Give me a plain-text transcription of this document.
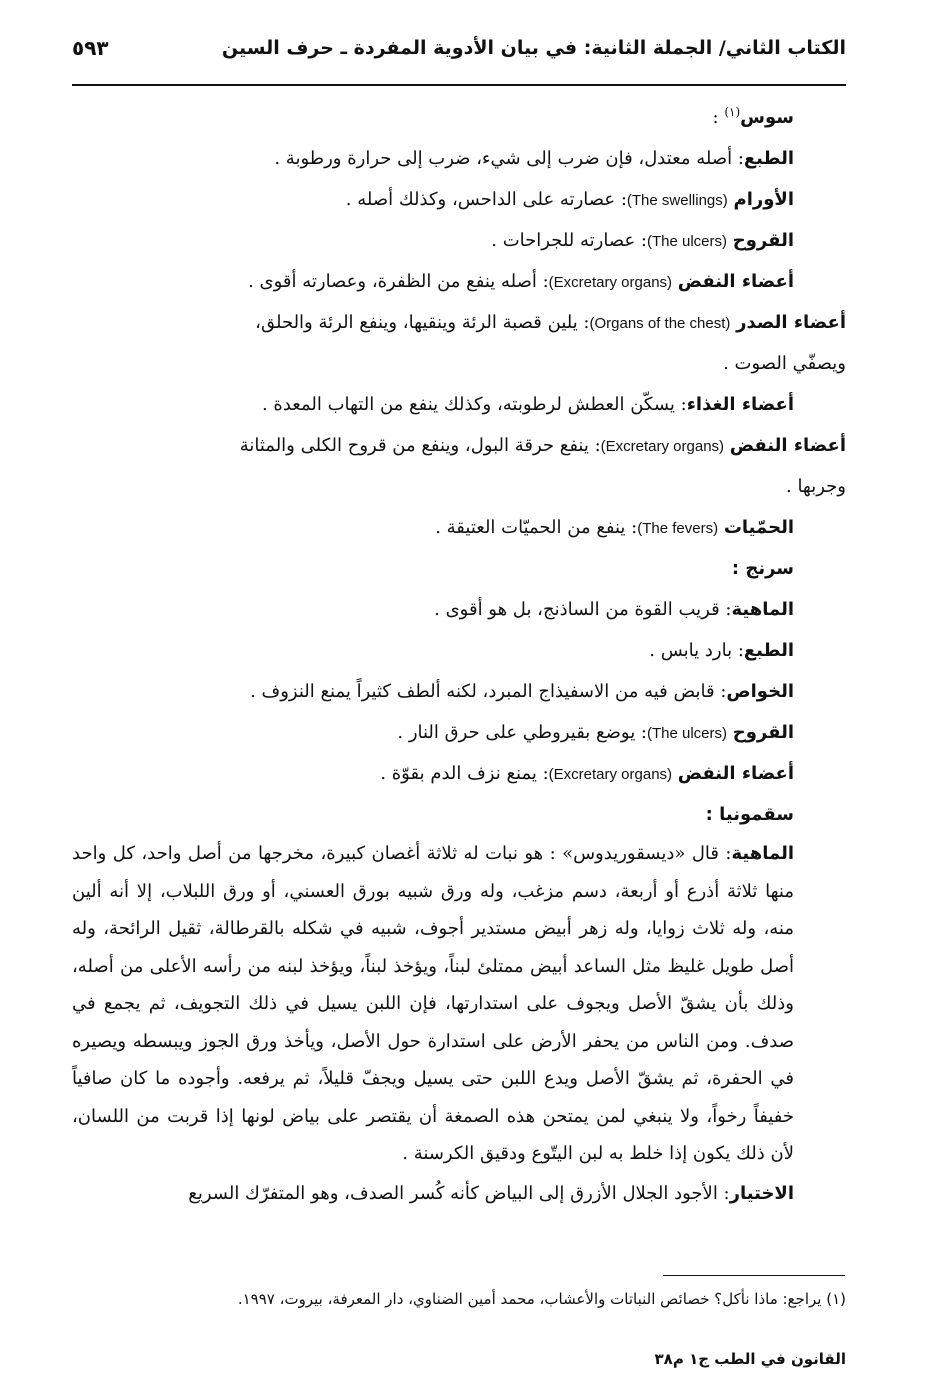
الكتاب الثاني/ الجملة الثانية: في بيان الأدوية المفردة ـ حرف السين
٥٩٣
سوس$^{(١)}$ :
الطبع: أصله معتدل، فإن ضرب إلى شيء، ضرب إلى حرارة ورطوبة .
الأورام (The swellings): عصارته على الداحس، وكذلك أصله .
القروح (The ulcers): عصارته للجراحات .
أعضاء النفض (Excretary organs): أصله ينفع من الظفرة، وعصارته أقوى .
أعضاء الصدر (Organs of the chest): يلين قصبة الرئة وينقيها، وينفع الرئة والحلق،
ويصفّي الصوت .
أعضاء الغذاء: يسكّن العطش لرطوبته، وكذلك ينفع من التهاب المعدة .
أعضاء النفض (Excretary organs): ينفع حرقة البول، وينفع من قروح الكلى والمثانة
وجربها .
الحمّيات (The fevers): ينفع من الحميّات العتيقة .
سرنج :
الماهية: قريب القوة من الساذنج، بل هو أقوى .
الطبع: بارد يابس .
الخواص: قابض فيه من الاسفيذاج المبرد، لكنه ألطف كثيراً يمنع النزوف .
القروح (The ulcers): يوضع بقيروطي على حرق النار .
أعضاء النفض (Excretary organs): يمنع نزف الدم بقوّة .
سقمونيا :
الماهية: قال «ديسقوريدوس» : هو نبات له ثلاثة أغصان كبيرة، مخرجها من أصل واحد، كل واحد منها ثلاثة أذرع أو أربعة، دسم مزغب، وله ورق شبيه بورق العسني، أو ورق اللبلاب، إلا أنه ألين منه، وله ثلاث زوايا، وله زهر أبيض مستدير أجوف، شبيه في شكله بالقرطالة، ثقيل الرائحة، وله أصل طويل غليظ مثل الساعد أبيض ممتلئ لبناً، ويؤخذ لبناً، ويؤخذ لبنه من رأسه الأعلى من أصله، وذلك بأن يشقّ الأصل ويجوف على استدارتها، فإن اللبن يسيل في ذلك التجويف، ثم يجمع في صدف. ومن الناس من يحفر الأرض على استدارة حول الأصل، ويأخذ ورق الجوز ويبسطه ويصيره في الحفرة، ثم يشقّ الأصل ويدع اللبن حتى يسيل ويجفّ قليلاً، ثم يرفعه. وأجوده ما كان صافياً خفيفاً رخواً، ولا ينبغي لمن يمتحن هذه الصمغة أن يقتصر على بياض لونها إذا قربت من اللسان، لأن ذلك يكون إذا خلط به لبن اليتّوع ودقيق الكرسنة .
الاختيار: الأجود الجلال الأزرق إلى البياض كأنه كُسر الصدف، وهو المتفرّك السريع
(١) يراجع: ماذا نأكل؟ خصائص النباتات والأعشاب، محمد أمين الضناوي، دار المعرفة، بيروت، ١٩٩٧.
القانون في الطب ج١ م٣٨
